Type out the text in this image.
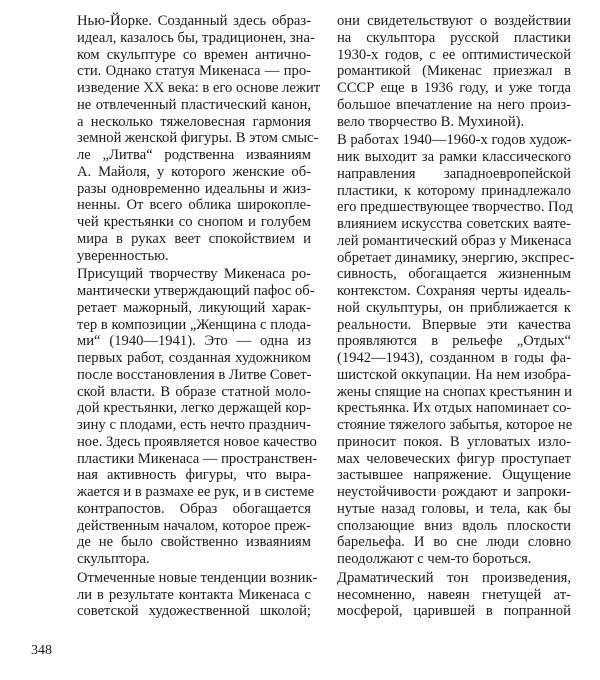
Нью-Йорке. Созданный здесь образ-
идеал, казалось бы, традиционен, зна-
ком скульптуре со времен антично-
сти. Однако статуя Микенаса — про-
изведение XX века: в его основе лежит
не отвлеченный пластический канон,
а несколько тяжеловесная гармония
земной женской фигуры. В этом смыс-
ле „Литва“ родственна изваяниям
А. Майоля, у которого женские об-
разы одновременно идеальны и жиз-
ненны. От всего облика широкопле-
чей крестьянки со снопом и голубем
мира в руках веет спокойствием и
уверенностью.
Присущий творчеству Микенаса ро-
мантически утверждающий пафос об-
ретает мажорный, ликующий харак-
тер в композиции „Женщина с плода-
ми“ (1940—1941). Это — одна из
первых работ, созданная художником
после восстановления в Литве Совет-
ской власти. В образе статной моло-
дой крестьянки, легко держащей кор-
зину с плодами, есть нечто празднич-
ное. Здесь проявляется новое качество
пластики Микенаса — пространствен-
ная активность фигуры, что выра-
жается и в размахе ее рук, и в системе
контрапостов. Образ обогащается
действенным началом, которое преж-
де не было свойственно изваяниям
скульптора.
Отмеченные новые тенденции возник-
ли в результате контакта Микенаса с
советской художественной школой;
они свидетельствуют о воздействии
на скульптора русской пластики
1930-х годов, с ее оптимистической
романтикой (Микенас приезжал в
СССР еще в 1936 году, и уже тогда
большое впечатление на него произ-
вело творчество В. Мухиной).
В работах 1940—1960-х годов худож-
ник выходит за рамки классического
направления западноевропейской
пластики, к которому принадлежало
его предшествующее творчество. Под
влиянием искусства советских ваяте-
лей романтический образ у Микенаса
обретает динамику, энергию, экспрес-
сивность, обогащается жизненным
контекстом. Сохраняя черты идеаль-
ной скульптуры, он приближается к
реальности. Впервые эти качества
проявляются в рельефе „Отдых“
(1942—1943), созданном в годы фа-
шистской оккупации. На нем изобра-
жены спящие на снопах крестьянин и
крестьянка. Их отдых напоминает со-
стояние тяжелого забытья, которое не
приносит покоя. В угловатых изло-
мах человеческих фигур проступает
застывшее напряжение. Ощущение
неустойчивости рождают и запроки-
нутые назад головы, и тела, как бы
сползающие вниз вдоль плоскости
барельефа. И во сне люди словно
пеодолжают с чем-то бороться.
Драматический тон произведения,
несомненно, навеян гнетущей ат-
мосферой, царившей в попранной
348
